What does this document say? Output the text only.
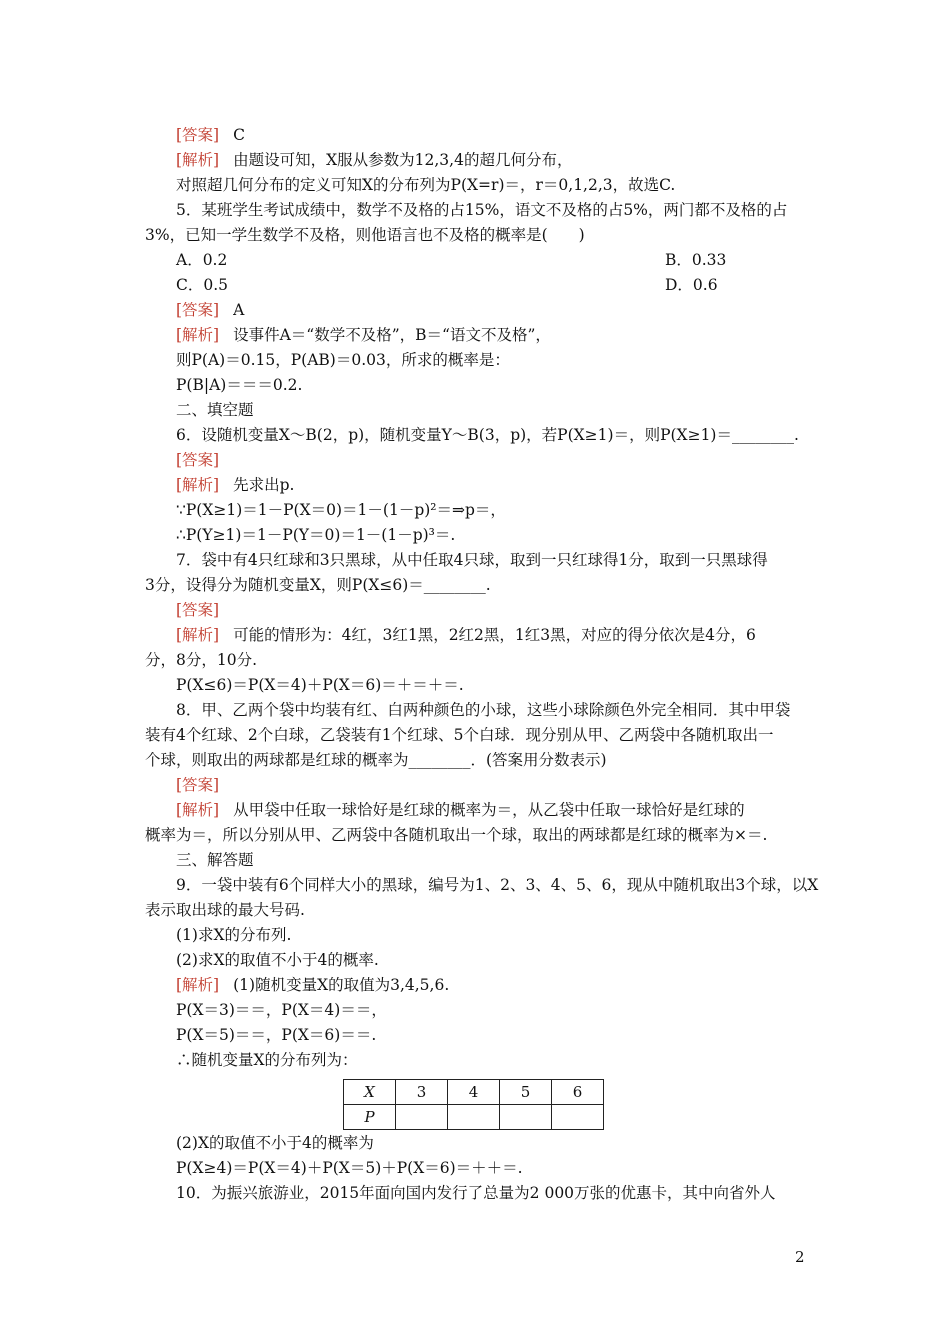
[答案] C
[解析] 由题设可知，X服从参数为12,3,4的超几何分布，
对照超几何分布的定义可知X的分布列为P(X=r)＝，r＝0,1,2,3，故选C.
5．某班学生考试成绩中，数学不及格的占15%，语文不及格的占5%，两门都不及格的占
3%，已知一学生数学不及格，则他语言也不及格的概率是(　　)
A．0.2	B．0.33
C．0.5	D．0.6
[答案] A
[解析] 设事件A＝“数学不及格”，B＝“语文不及格”，
则P(A)＝0.15，P(AB)＝0.03，所求的概率是：
P(B|A)＝＝＝0.2.
二、填空题
6．设随机变量X～B(2，p)，随机变量Y～B(3，p)，若P(X≥1)＝，则P(X≥1)＝________.
[答案]
[解析] 先求出p.
∵P(X≥1)＝1－P(X＝0)＝1－(1－p)²＝⇒p＝，
∴P(Y≥1)＝1－P(Y＝0)＝1－(1－p)³＝.
7．袋中有4只红球和3只黑球，从中任取4只球，取到一只红球得1分，取到一只黑球得
3分，设得分为随机变量X，则P(X≤6)＝________.
[答案]
[解析] 可能的情形为：4红，3红1黑，2红2黑，1红3黑，对应的得分依次是4分，6
分，8分，10分.
P(X≤6)＝P(X＝4)＋P(X＝6)＝＋＝＋＝.
8．甲、乙两个袋中均装有红、白两种颜色的小球，这些小球除颜色外完全相同．其中甲袋
装有4个红球、2个白球，乙袋装有1个红球、5个白球．现分别从甲、乙两袋中各随机取出一
个球，则取出的两球都是红球的概率为________．(答案用分数表示)
[答案]
[解析] 从甲袋中任取一球恰好是红球的概率为＝，从乙袋中任取一球恰好是红球的
概率为＝，所以分别从甲、乙两袋中各随机取出一个球，取出的两球都是红球的概率为×＝.
三、解答题
9．一袋中装有6个同样大小的黑球，编号为1、2、3、4、5、6，现从中随机取出3个球，以X
表示取出球的最大号码.
(1)求X的分布列.
(2)求X的取值不小于4的概率.
[解析] (1)随机变量X的取值为3,4,5,6.
P(X＝3)＝＝，P(X＝4)＝＝，
P(X＝5)＝＝，P(X＝6)＝＝.
∴随机变量X的分布列为：
X	3	4	5	6
P				
(2)X的取值不小于4的概率为
P(X≥4)＝P(X＝4)＋P(X＝5)＋P(X＝6)＝＋＋＝.
10．为振兴旅游业，2015年面向国内发行了总量为2 000万张的优惠卡，其中向省外人
2
